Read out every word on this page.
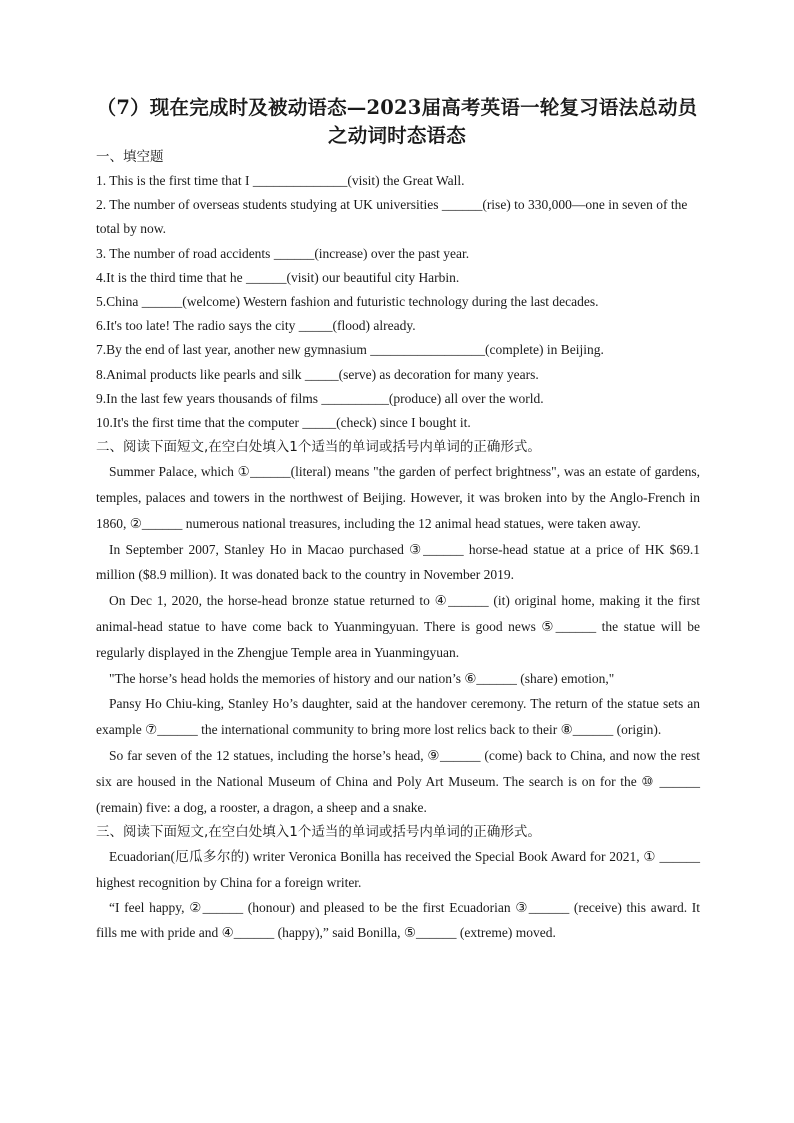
（7）现在完成时及被动语态—2023届高考英语一轮复习语法总动员
之动词时态语态
一、填空题
1. This is the first time that I ______________(visit) the Great Wall.
2. The number of overseas students studying at UK universities ______(rise) to 330,000—one in seven of the total by now.
3. The number of road accidents ______(increase) over the past year.
4.It is the third time that he ______(visit) our beautiful city Harbin.
5.China ______(welcome) Western fashion and futuristic technology during the last decades.
6.It's too late! The radio says the city _____(flood) already.
7.By the end of last year, another new gymnasium _________________(complete) in Beijing.
8.Animal products like pearls and silk _____(serve) as decoration for many years.
9.In the last few years thousands of films __________(produce) all over the world.
10.It's the first time that the computer _____(check) since I bought it.
二、阅读下面短文,在空白处填入1个适当的单词或括号内单词的正确形式。
Summer Palace, which ①______(literal) means "the garden of perfect brightness", was an estate of gardens, temples, palaces and towers in the northwest of Beijing. However, it was broken into by the Anglo-French in 1860, ②______ numerous national treasures, including the 12 animal head statues, were taken away.
In September 2007, Stanley Ho in Macao purchased ③______ horse-head statue at a price of HK $69.1 million ($8.9 million). It was donated back to the country in November 2019.
On Dec 1, 2020, the horse-head bronze statue returned to ④______ (it) original home, making it the first animal-head statue to have come back to Yuanmingyuan. There is good news ⑤______ the statue will be regularly displayed in the Zhengjue Temple area in Yuanmingyuan.
"The horse’s head holds the memories of history and our nation’s ⑥______ (share) emotion,"
Pansy Ho Chiu-king, Stanley Ho’s daughter, said at the handover ceremony. The return of the statue sets an example ⑦______ the international community to bring more lost relics back to their ⑧______ (origin).
So far seven of the 12 statues, including the horse’s head, ⑨______ (come) back to China, and now the rest six are housed in the National Museum of China and Poly Art Museum. The search is on for the ⑩ ______ (remain) five: a dog, a rooster, a dragon, a sheep and a snake.
三、阅读下面短文,在空白处填入1个适当的单词或括号内单词的正确形式。
Ecuadorian(厄瓜多尔的) writer Veronica Bonilla has received the Special Book Award for 2021, ① ______ highest recognition by China for a foreign writer.
“I feel happy, ②______ (honour) and pleased to be the first Ecuadorian ③______ (receive) this award. It fills me with pride and ④______ (happy),” said Bonilla, ⑤______ (extreme) moved.
